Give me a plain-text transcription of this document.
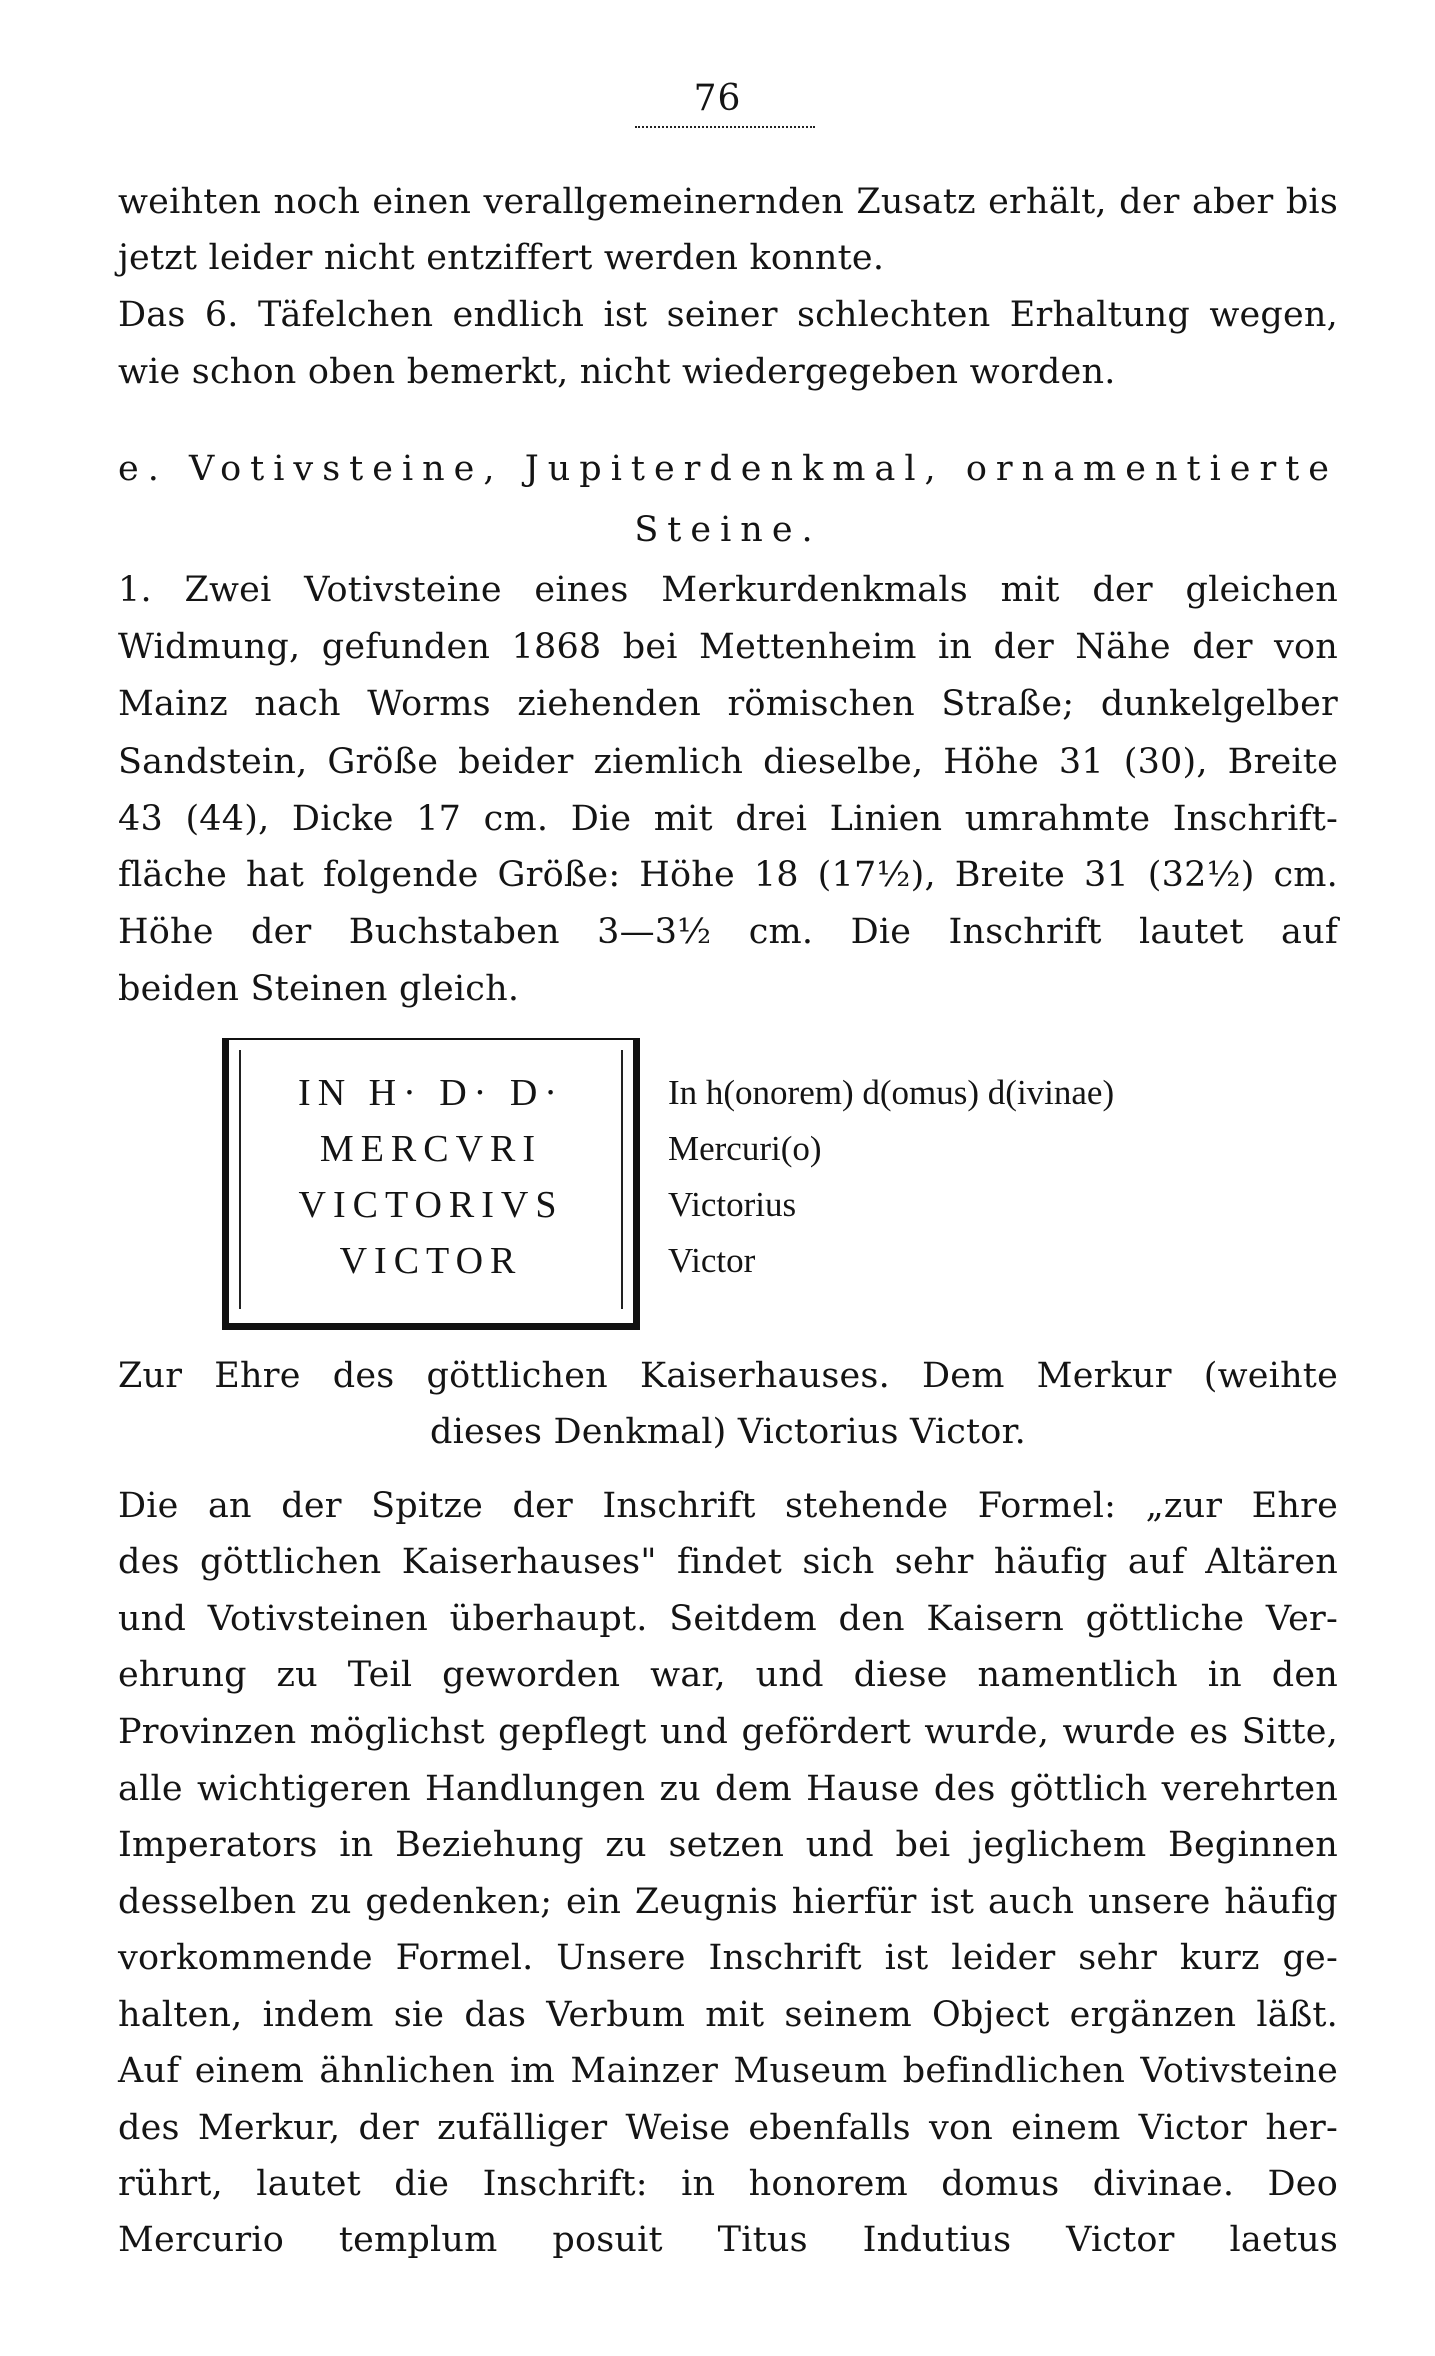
76
weihten noch einen verallgemeinernden Zusatz erhält, der aber bis
jetzt leider nicht entziffert werden konnte.
Das 6. Täfelchen endlich ist seiner schlechten Erhaltung wegen,
wie schon oben bemerkt, nicht wiedergegeben worden.
e. Votivsteine, Jupiterdenkmal, ornamentierte
Steine.
1. Zwei Votivsteine eines Merkurdenkmals mit der gleichen
Widmung, gefunden 1868 bei Mettenheim in der Nähe der von
Mainz nach Worms ziehenden römischen Straße; dunkelgelber
Sandstein, Größe beider ziemlich dieselbe, Höhe 31 (30), Breite
43 (44), Dicke 17 cm. Die mit drei Linien umrahmte Inschrift-
fläche hat folgende Größe: Höhe 18 (17½), Breite 31 (32½) cm.
Höhe der Buchstaben 3—3½ cm. Die Inschrift lautet auf
beiden Steinen gleich.
IN H· D· D·
MERCVRI
VICTORIVS
VICTOR
In h(onorem) d(omus) d(ivinae)
Mercuri(o)
Victorius
Victor
Zur Ehre des göttlichen Kaiserhauses. Dem Merkur (weihte
dieses Denkmal) Victorius Victor.
Die an der Spitze der Inschrift stehende Formel: „zur Ehre
des göttlichen Kaiserhauses" findet sich sehr häufig auf Altären
und Votivsteinen überhaupt. Seitdem den Kaisern göttliche Ver-
ehrung zu Teil geworden war, und diese namentlich in den
Provinzen möglichst gepflegt und gefördert wurde, wurde es Sitte,
alle wichtigeren Handlungen zu dem Hause des göttlich verehrten
Imperators in Beziehung zu setzen und bei jeglichem Beginnen
desselben zu gedenken; ein Zeugnis hierfür ist auch unsere häufig
vorkommende Formel. Unsere Inschrift ist leider sehr kurz ge-
halten, indem sie das Verbum mit seinem Object ergänzen läßt.
Auf einem ähnlichen im Mainzer Museum befindlichen Votivsteine
des Merkur, der zufälliger Weise ebenfalls von einem Victor her-
rührt, lautet die Inschrift: in honorem domus divinae. Deo
Mercurio templum posuit Titus Indutius Victor laetus
